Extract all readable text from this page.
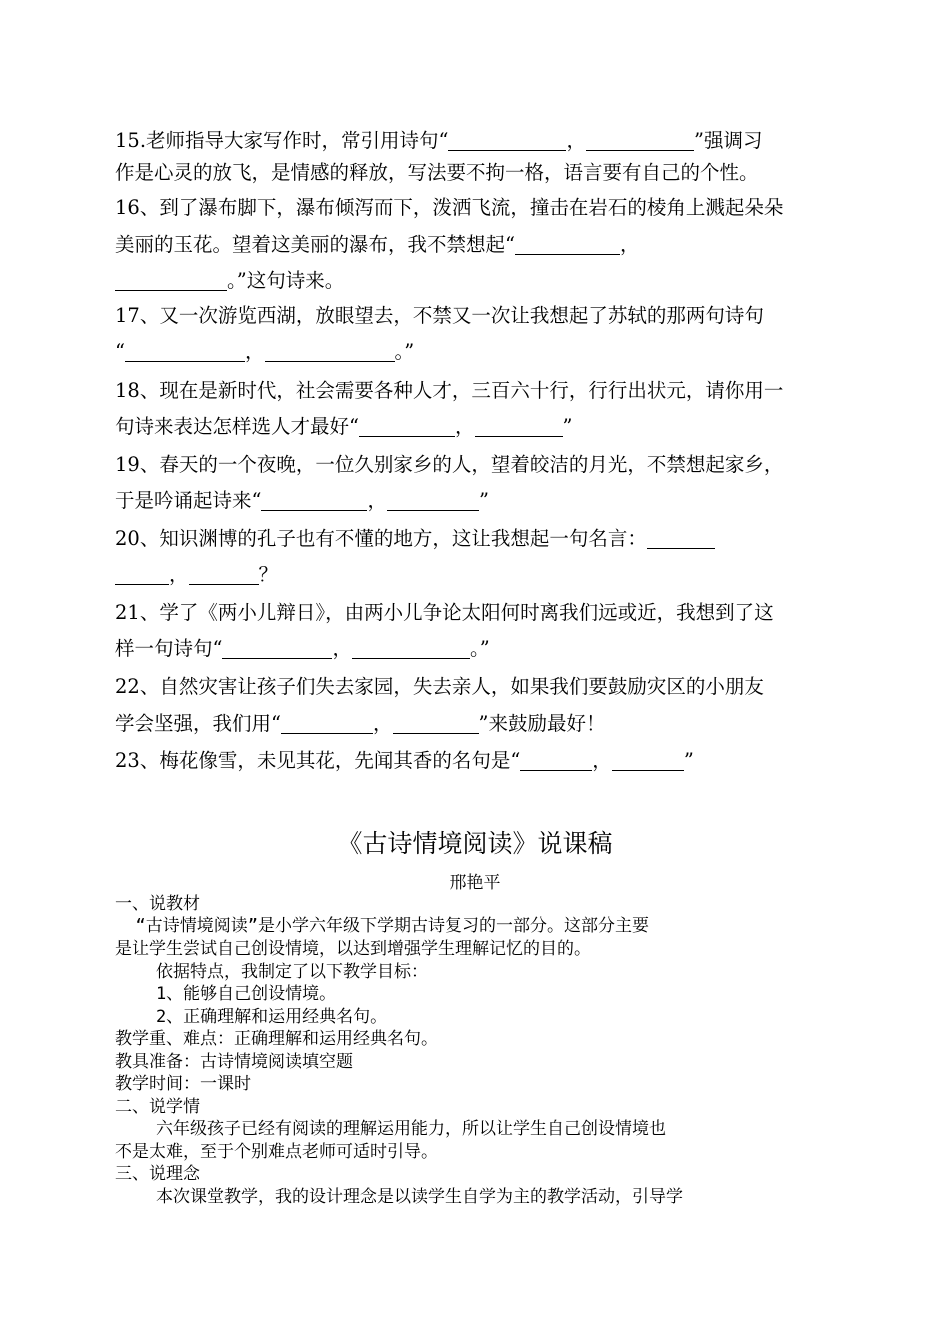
15.老师指导大家写作时，常引用诗句“	，	”强调习
作是心灵的放飞，是情感的释放，写法要不拘一格，语言要有自己的个性。
16、到了瀑布脚下，瀑布倾泻而下，泼洒飞流，撞击在岩石的棱角上溅起朵朵
美丽的玉花。望着这美丽的瀑布，我不禁想起“	，
。”这句诗来。
17、又一次游览西湖，放眼望去，不禁又一次让我想起了苏轼的那两句诗句
“	，	。”
18、现在是新时代，社会需要各种人才，三百六十行，行行出状元，请你用一
句诗来表达怎样选人才最好“	，	”
19、春天的一个夜晚，一位久别家乡的人，望着皎洁的月光，不禁想起家乡，
于是吟诵起诗来“	，	”
20、知识渊博的孔子也有不懂的地方，这让我想起一句名言：
，	？
21、学了《两小儿辩日》，由两小儿争论太阳何时离我们远或近，我想到了这
样一句诗句“	，	。”
22、自然灾害让孩子们失去家园，失去亲人，如果我们要鼓励灾区的小朋友
学会坚强，我们用“	，	”来鼓励最好！
23、梅花像雪，未见其花，先闻其香的名句是“	，	”
《古诗情境阅读》说课稿
邢艳平
一、说教材
“古诗情境阅读”是小学六年级下学期古诗复习的一部分。这部分主要
是让学生尝试自己创设情境，以达到增强学生理解记忆的目的。
依据特点，我制定了以下教学目标：
1、能够自己创设情境。
2、正确理解和运用经典名句。
教学重、难点：正确理解和运用经典名句。
教具准备：古诗情境阅读填空题
教学时间：一课时
二、说学情
六年级孩子已经有阅读的理解运用能力，所以让学生自己创设情境也
不是太难，至于个别难点老师可适时引导。
三、说理念
本次课堂教学，我的设计理念是以读学生自学为主的教学活动，引导学
